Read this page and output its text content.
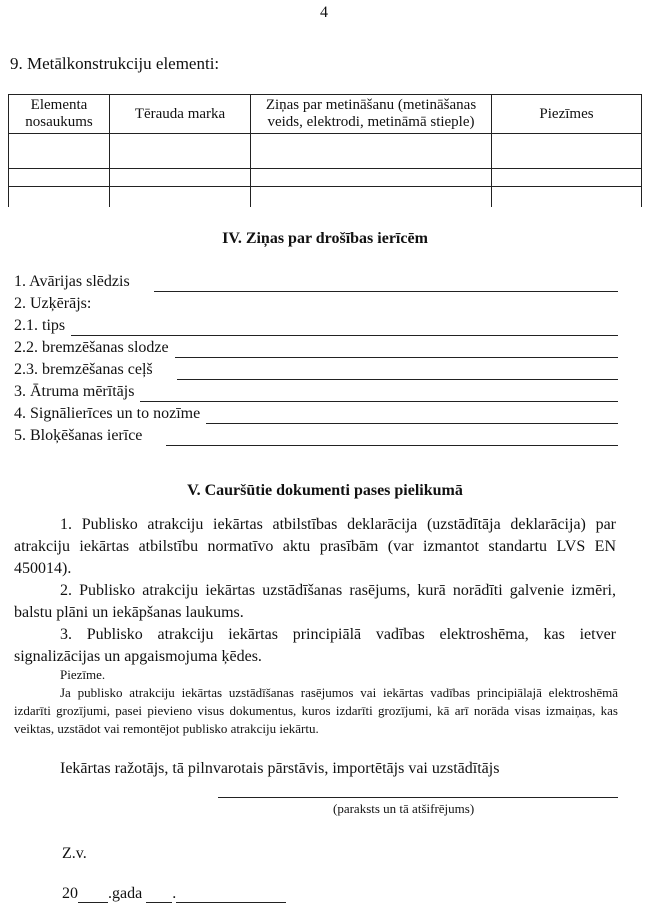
4
9. Metālkonstrukciju elementi:
Elementa nosaukums	Tērauda marka	Ziņas par metināšanu (metināšanas veids, elektrodi, metināmā stieple)	Piezīmes

IV. Ziņas par drošības ierīcēm
1. Avārijas slēdzis
2. Uzķērājs:
2.1. tips
2.2. bremzēšanas slodze
2.3. bremzēšanas ceļš
3. Ātruma mērītājs
4. Signālierīces un to nozīme
5. Bloķēšanas ierīce
V. Cauršūtie dokumenti pases pielikumā
1. Publisko atrakciju iekārtas atbilstības deklarācija (uzstādītāja deklarācija) par atrakciju iekārtas atbilstību normatīvo aktu prasībām (var izmantot standartu LVS EN 450014).
2. Publisko atrakciju iekārtas uzstādīšanas rasējums, kurā norādīti galvenie izmēri, balstu plāni un iekāpšanas laukums.
3. Publisko atrakciju iekārtas principiālā vadības elektroshēma, kas ietver signalizācijas un apgaismojuma ķēdes.
Piezīme.
Ja publisko atrakciju iekārtas uzstādīšanas rasējumos vai iekārtas vadības principiālajā elektroshēmā izdarīti grozījumi, pasei pievieno visus dokumentus, kuros izdarīti grozījumi, kā arī norāda visas izmaiņas, kas veiktas, uzstādot vai remontējot publisko atrakciju iekārtu.
Iekārtas ražotājs, tā pilnvarotais pārstāvis, importētājs vai uzstādītājs
(paraksts un tā atšifrējums)
Z.v.
20 .gada .
